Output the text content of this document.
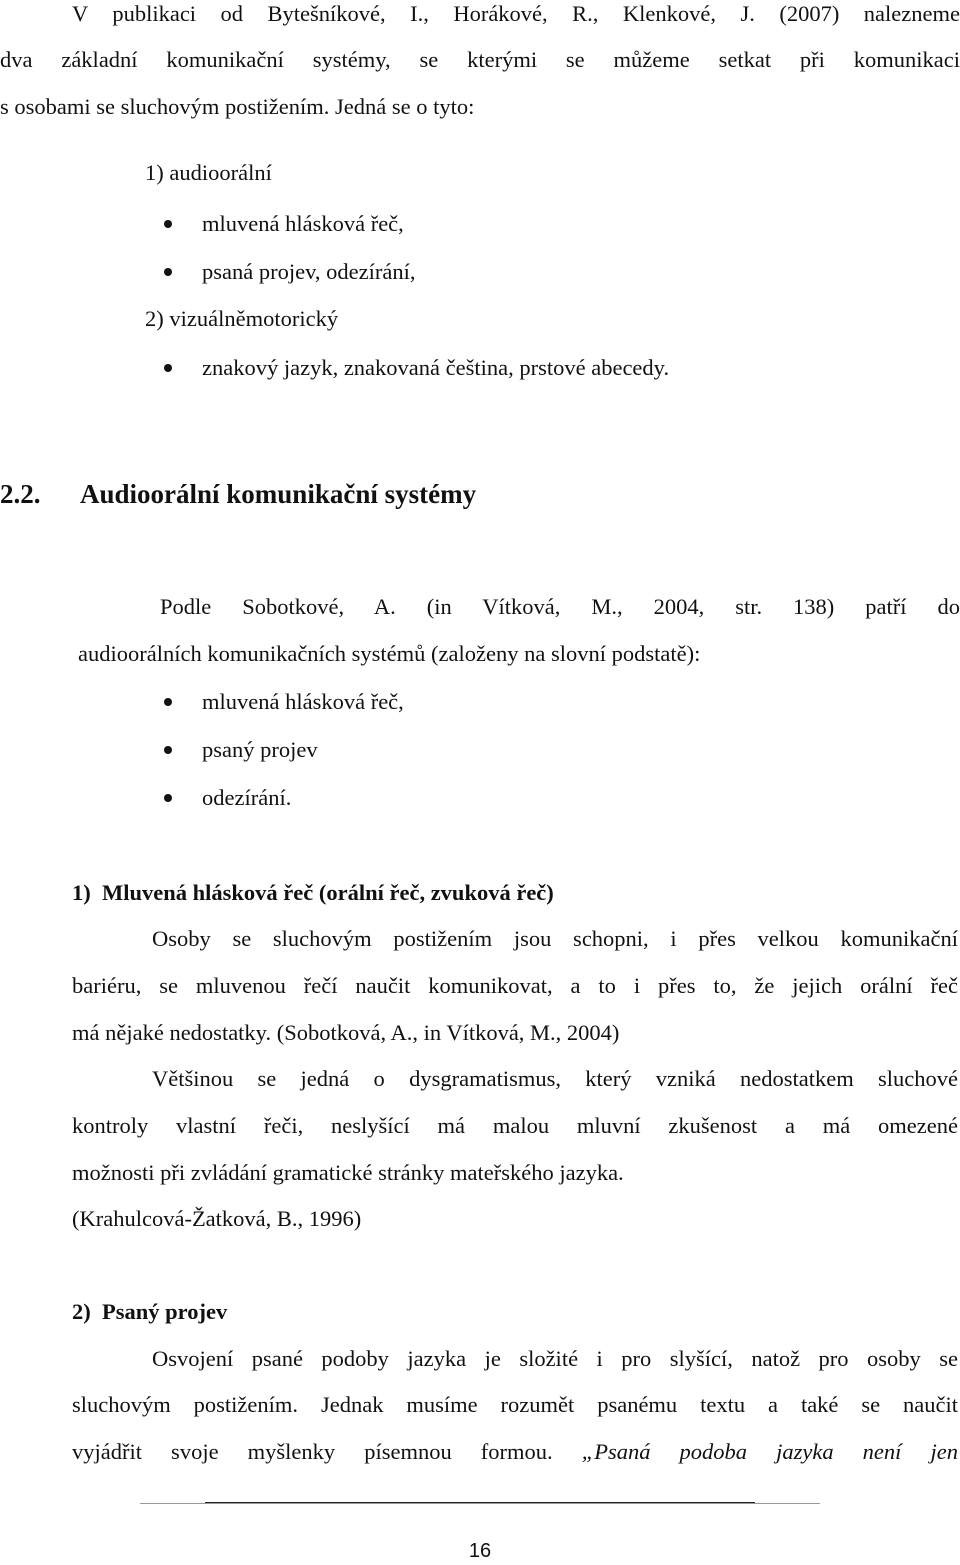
V publikaci od Bytešníkové, I., Horákové, R., Klenkové, J. (2007) nalezneme
dva základní komunikační systémy, se kterými se můžeme setkat při komunikaci
s osobami se sluchovým postižením. Jedná se o tyto:
1) audioorální
mluvená hlásková řeč,
psaná projev, odezírání,
2) vizuálněmotorický
znakový jazyk, znakovaná čeština, prstové abecedy.
2.2. Audioorální komunikační systémy
Podle Sobotkové, A. (in Vítková, M., 2004, str. 138) patří do
audioorálních komunikačních systémů (založeny na slovní podstatě):
mluvená hlásková řeč,
psaný projev
odezírání.
1)  Mluvená hlásková řeč (orální řeč, zvuková řeč)
Osoby se sluchovým postižením jsou schopni, i přes velkou komunikační
bariéru, se mluvenou řečí naučit komunikovat, a to i přes to, že jejich orální řeč
má nějaké nedostatky. (Sobotková, A., in Vítková, M., 2004)
Většinou se jedná o dysgramatismus, který vzniká nedostatkem sluchové
kontroly vlastní řeči, neslyšící má malou mluvní zkušenost a má omezené
možnosti při zvládání gramatické stránky mateřského jazyka.
(Krahulcová-Žatková, B., 1996)
2)  Psaný projev
Osvojení psané podoby jazyka je složité i pro slyšící, natož pro osoby se
sluchovým postižením. Jednak musíme rozumět psanému textu a také se naučit
vyjádřit svoje myšlenky písemnou formou. „Psaná podoba jazyka není jen
16
